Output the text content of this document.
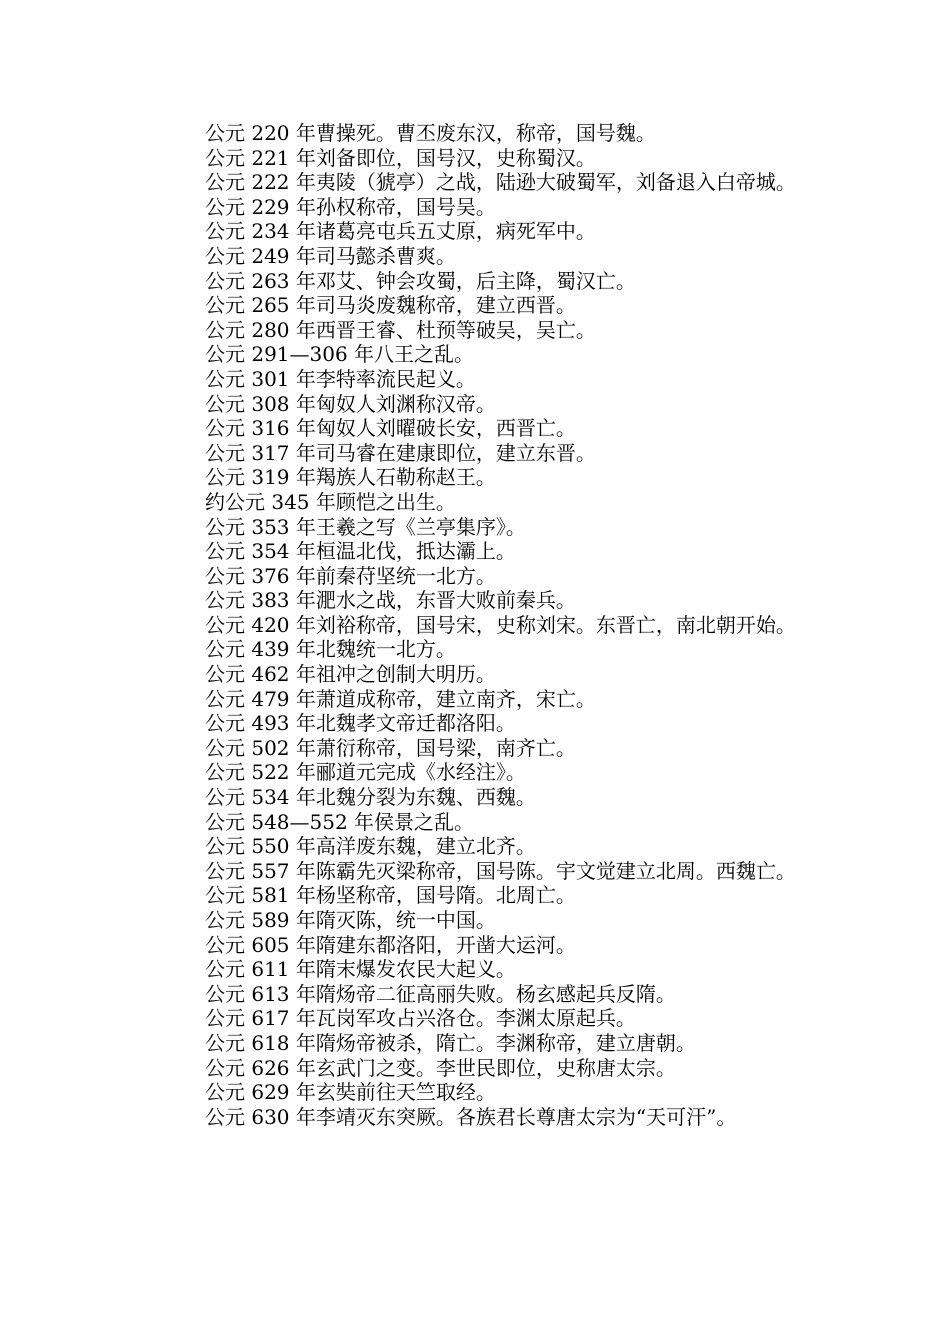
公元 220 年曹操死。曹丕废东汉，称帝，国号魏。

公元 221 年刘备即位，国号汉，史称蜀汉。

公元 222 年夷陵（猇亭）之战，陆逊大破蜀军，刘备退入白帝城。

公元 229 年孙权称帝，国号吴。

公元 234 年诸葛亮屯兵五丈原，病死军中。

公元 249 年司马懿杀曹爽。

公元 263 年邓艾、钟会攻蜀，后主降，蜀汉亡。

公元 265 年司马炎废魏称帝，建立西晋。

公元 280 年西晋王睿、杜预等破吴，吴亡。

公元 291—306 年八王之乱。

公元 301 年李特率流民起义。

公元 308 年匈奴人刘渊称汉帝。

公元 316 年匈奴人刘曜破长安，西晋亡。

公元 317 年司马睿在建康即位，建立东晋。

公元 319 年羯族人石勒称赵王。

约公元 345 年顾恺之出生。

公元 353 年王羲之写《兰亭集序》。

公元 354 年桓温北伐，抵达灞上。

公元 376 年前秦苻坚统一北方。

公元 383 年淝水之战，东晋大败前秦兵。

公元 420 年刘裕称帝，国号宋，史称刘宋。东晋亡，南北朝开始。

公元 439 年北魏统一北方。

公元 462 年祖冲之创制大明历。

公元 479 年萧道成称帝，建立南齐，宋亡。

公元 493 年北魏孝文帝迁都洛阳。

公元 502 年萧衍称帝，国号梁，南齐亡。

公元 522 年郦道元完成《水经注》。

公元 534 年北魏分裂为东魏、西魏。

公元 548—552 年侯景之乱。

公元 550 年高洋废东魏，建立北齐。

公元 557 年陈霸先灭梁称帝，国号陈。宇文觉建立北周。西魏亡。

公元 581 年杨坚称帝，国号隋。北周亡。

公元 589 年隋灭陈，统一中国。

公元 605 年隋建东都洛阳，开凿大运河。

公元 611 年隋末爆发农民大起义。

公元 613 年隋炀帝二征高丽失败。杨玄感起兵反隋。

公元 617 年瓦岗军攻占兴洛仓。李渊太原起兵。

公元 618 年隋炀帝被杀，隋亡。李渊称帝，建立唐朝。

公元 626 年玄武门之变。李世民即位，史称唐太宗。

公元 629 年玄奘前往天竺取经。

公元 630 年李靖灭东突厥。各族君长尊唐太宗为“天可汗”。
